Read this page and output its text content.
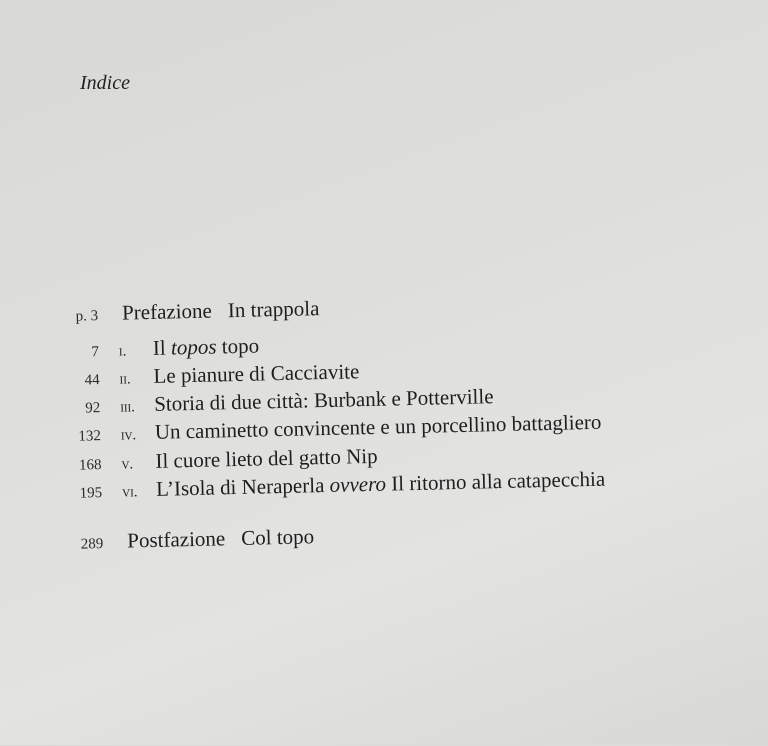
Indice
p. 3	Prefazione In trappola
7	i.	Il topos topo
44	ii.	Le pianure di Cacciavite
92	iii. Storia di due città: Burbank e Potterville
132	iv. Un caminetto convincente e un porcellino battagliero
168	v.	Il cuore lieto del gatto Nip
195	vi. L’Isola di Neraperla ovvero Il ritorno alla catapecchia
289	Postfazione Col topo
